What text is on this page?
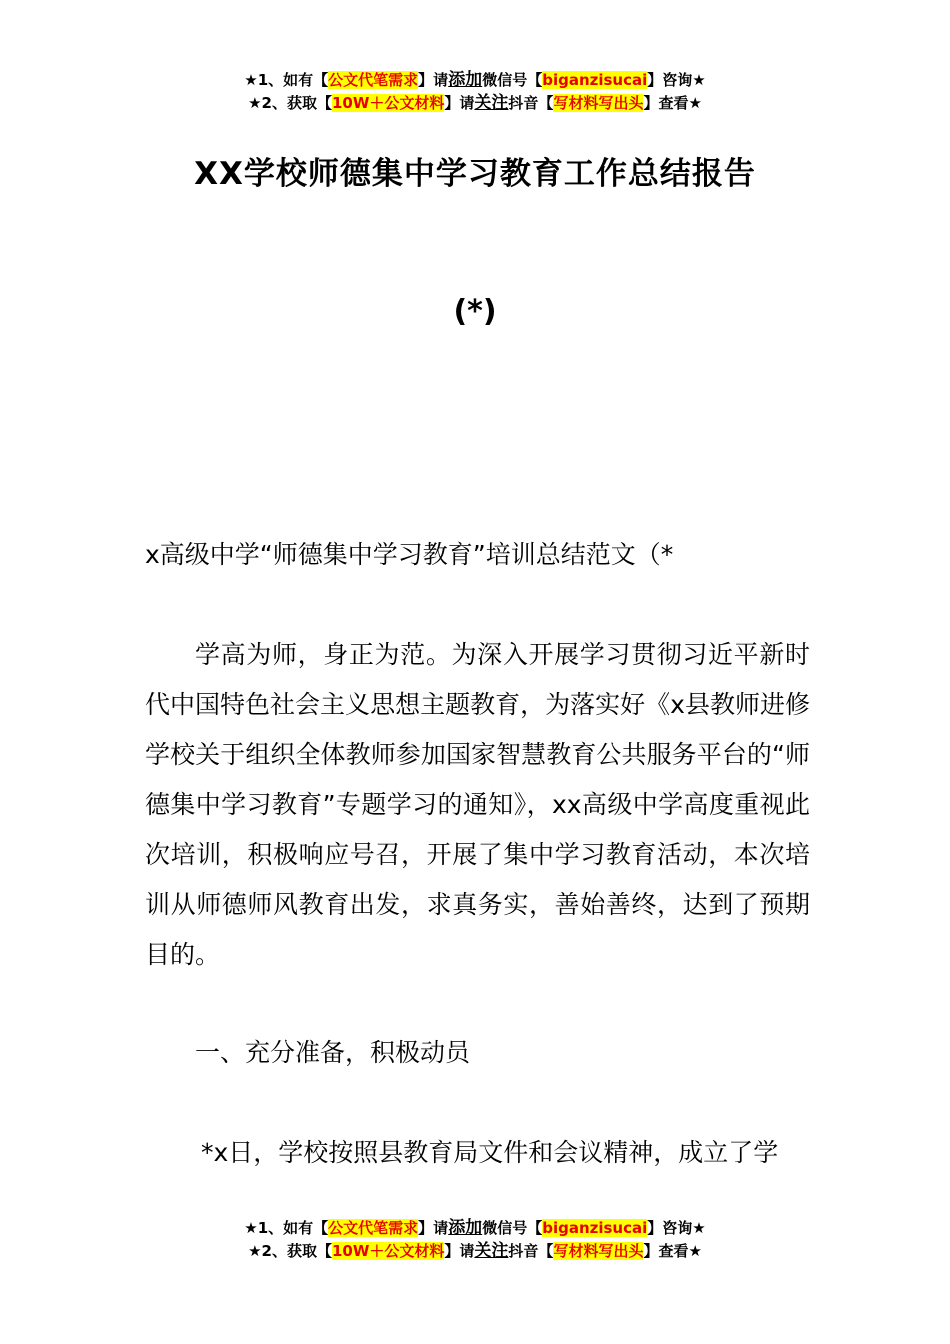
★1、如有【公文代笔需求】请添加微信号【biganzisucai】咨询★
★2、获取【10W＋公文材料】请关注抖音【写材料写出头】查看★
XX学校师德集中学习教育工作总结报告
(*)
x高级中学“师德集中学习教育”培训总结范文（*
学高为师，身正为范。为深入开展学习贯彻习近平新时代中国特色社会主义思想主题教育，为落实好《x县教师进修学校关于组织全体教师参加国家智慧教育公共服务平台的“师德集中学习教育”专题学习的通知》，xx高级中学高度重视此次培训，积极响应号召，开展了集中学习教育活动，本次培训从师德师风教育出发，求真务实，善始善终，达到了预期目的。
一、充分准备，积极动员
*x日，学校按照县教育局文件和会议精神，成立了学
★1、如有【公文代笔需求】请添加微信号【biganzisucai】咨询★
★2、获取【10W＋公文材料】请关注抖音【写材料写出头】查看★
